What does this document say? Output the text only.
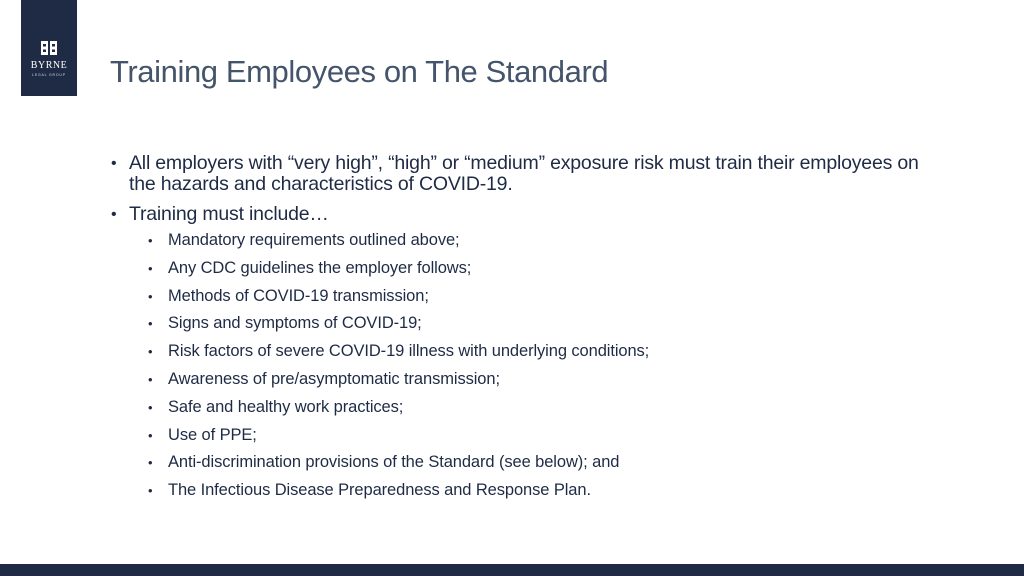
BYRNE
LEGAL GROUP Training Employees on The Standard
• All employers with “very high”, “high” or “medium” exposure risk must train their employees on the hazards and characteristics of COVID-19.
• Training must include…
• Mandatory requirements outlined above;
• Any CDC guidelines the employer follows;
• Methods of COVID-19 transmission;
• Signs and symptoms of COVID-19;
• Risk factors of severe COVID-19 illness with underlying conditions;
• Awareness of pre/asymptomatic transmission;
• Safe and healthy work practices;
• Use of PPE;
• Anti-discrimination provisions of the Standard (see below); and
• The Infectious Disease Preparedness and Response Plan.
